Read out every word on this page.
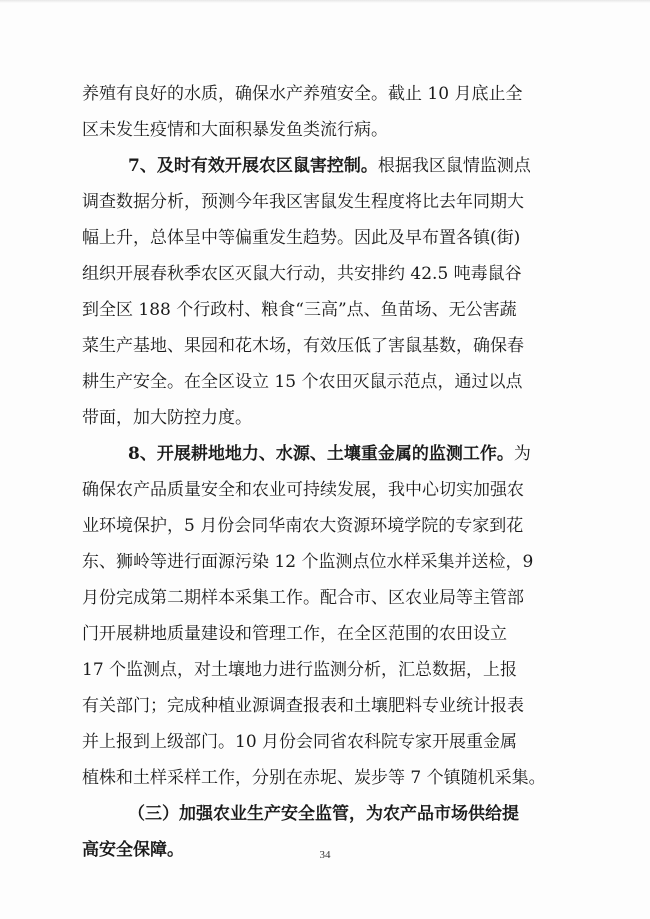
养殖有良好的水质，确保水产养殖安全。截止 10 月底止全
区未发生疫情和大面积暴发鱼类流行病。
7、及时有效开展农区鼠害控制。根据我区鼠情监测点
调查数据分析，预测今年我区害鼠发生程度将比去年同期大
幅上升，总体呈中等偏重发生趋势。因此及早布置各镇(街)
组织开展春秋季农区灭鼠大行动，共安排约 42.5 吨毒鼠谷
到全区 188 个行政村、粮食“三高”点、鱼苗场、无公害蔬
菜生产基地、果园和花木场，有效压低了害鼠基数，确保春
耕生产安全。在全区设立 15 个农田灭鼠示范点，通过以点
带面，加大防控力度。
8、开展耕地地力、水源、土壤重金属的监测工作。为
确保农产品质量安全和农业可持续发展，我中心切实加强农
业环境保护，5 月份会同华南农大资源环境学院的专家到花
东、狮岭等进行面源污染 12 个监测点位水样采集并送检，9
月份完成第二期样本采集工作。配合市、区农业局等主管部
门开展耕地质量建设和管理工作，在全区范围的农田设立
17 个监测点，对土壤地力进行监测分析，汇总数据，上报
有关部门；完成种植业源调查报表和土壤肥料专业统计报表
并上报到上级部门。10 月份会同省农科院专家开展重金属
植株和土样采样工作，分别在赤坭、炭步等 7 个镇随机采集。
（三）加强农业生产安全监管，为农产品市场供给提
高安全保障。	34
